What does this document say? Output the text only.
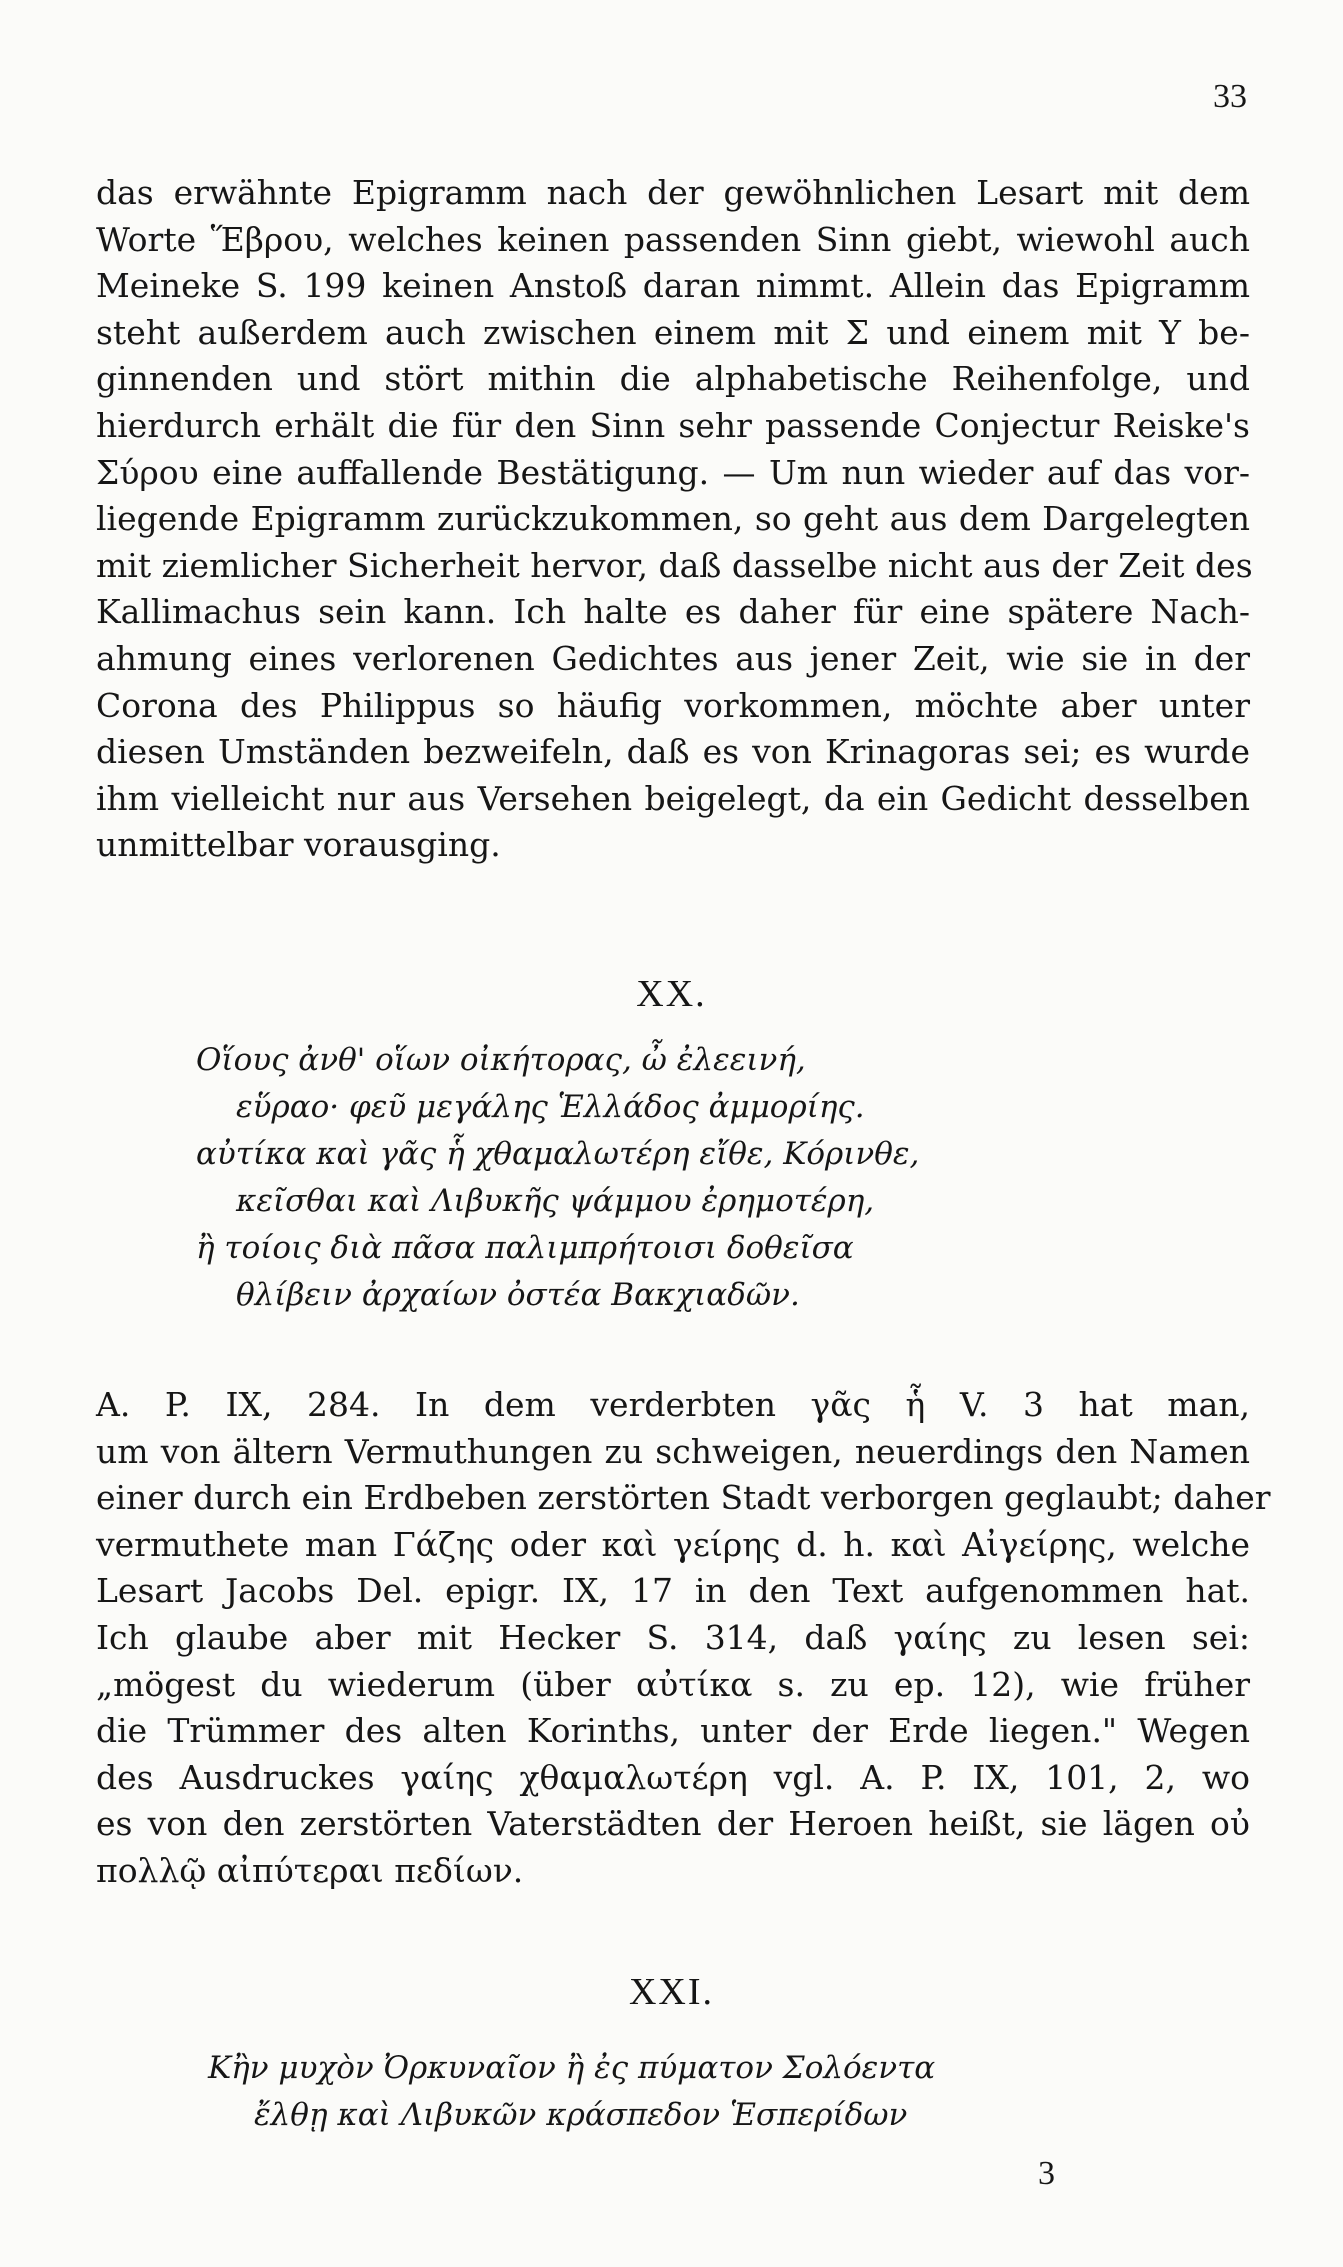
33
das erwähnte Epigramm nach der gewöhnlichen Lesart mit dem
Worte Ἕβρου, welches keinen passenden Sinn giebt, wiewohl auch
Meineke S. 199 keinen Anstoß daran nimmt. Allein das Epigramm
steht außerdem auch zwischen einem mit Σ und einem mit Υ be-
ginnenden und stört mithin die alphabetische Reihenfolge, und
hierdurch erhält die für den Sinn sehr passende Conjectur Reiske's
Σύρου eine auffallende Bestätigung. — Um nun wieder auf das vor-
liegende Epigramm zurückzukommen, so geht aus dem Dargelegten
mit ziemlicher Sicherheit hervor, daß dasselbe nicht aus der Zeit des
Kallimachus sein kann. Ich halte es daher für eine spätere Nach-
ahmung eines verlorenen Gedichtes aus jener Zeit, wie sie in der
Corona des Philippus so häufig vorkommen, möchte aber unter
diesen Umständen bezweifeln, daß es von Krinagoras sei; es wurde
ihm vielleicht nur aus Versehen beigelegt, da ein Gedicht desselben
unmittelbar vorausging.
XX.
Οἵους ἀνθ' οἵων οἰκήτορας, ὦ ἐλεεινή,
εὕραο· φεῦ μεγάλης Ἑλλάδος ἀμμορίης.
αὐτίκα καὶ γᾶς ἧ χθαμαλωτέρη εἴθε, Κόρινθε,
κεῖσθαι καὶ Λιβυκῆς ψάμμου ἐρημοτέρη,
ἢ τοίοις διὰ πᾶσα παλιμπρήτοισι δοθεῖσα
θλίβειν ἀρχαίων ὀστέα Βακχιαδῶν.
A. P. IX, 284. In dem verderbten γᾶς ἧ V. 3 hat man,
um von ältern Vermuthungen zu schweigen, neuerdings den Namen
einer durch ein Erdbeben zerstörten Stadt verborgen geglaubt; daher
vermuthete man Γάζης oder καὶ γείρης d. h. καὶ Αἰγείρης, welche
Lesart Jacobs Del. epigr. IX, 17 in den Text aufgenommen hat.
Ich glaube aber mit Hecker S. 314, daß γαίης zu lesen sei:
„mögest du wiederum (über αὐτίκα s. zu ep. 12), wie früher
die Trümmer des alten Korinths, unter der Erde liegen." Wegen
des Ausdruckes γαίης χθαμαλωτέρη vgl. A. P. IX, 101, 2, wo
es von den zerstörten Vaterstädten der Heroen heißt, sie lägen οὐ
πολλῷ αἰπύτεραι πεδίων.
XXI.
Κἢν μυχὸν Ὀρκυναῖον ἢ ἐς πύματον Σολόεντα
ἔλθῃ καὶ Λιβυκῶν κράσπεδον Ἑσπερίδων
3
